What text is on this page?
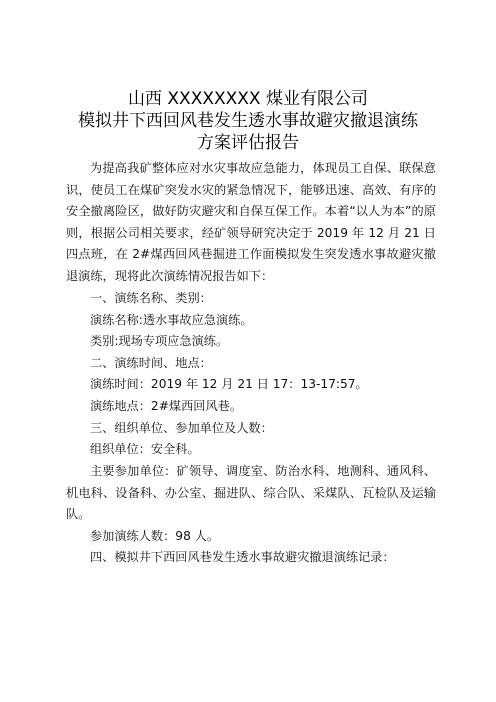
山西 XXXXXXXX 煤业有限公司
模拟井下西回风巷发生透水事故避灾撤退演练
方案评估报告
为提高我矿整体应对水灾事故应急能力，体现员工自保、联保意识，使员工在煤矿突发水灾的紧急情况下，能够迅速、高效、有序的安全撤离险区，做好防灾避灾和自保互保工作。本着“以人为本”的原则，根据公司相关要求，经矿领导研究决定于 2019 年 12 月 21 日四点班，在 2#煤西回风巷掘进工作面模拟发生突发透水事故避灾撤退演练，现将此次演练情况报告如下：
一、演练名称、类别：
演练名称:透水事故应急演练。
类别:现场专项应急演练。
二、演练时间、地点：
演练时间：2019 年 12 月 21 日 17：13-17:57。
演练地点：2#煤西回风巷。
三、组织单位、参加单位及人数：
组织单位：安全科。
主要参加单位：矿领导、调度室、防治水科、地测科、通风科、机电科、设备科、办公室、掘进队、综合队、采煤队、瓦检队及运输队。
参加演练人数：98 人。
四、模拟井下西回风巷发生透水事故避灾撤退演练记录：
